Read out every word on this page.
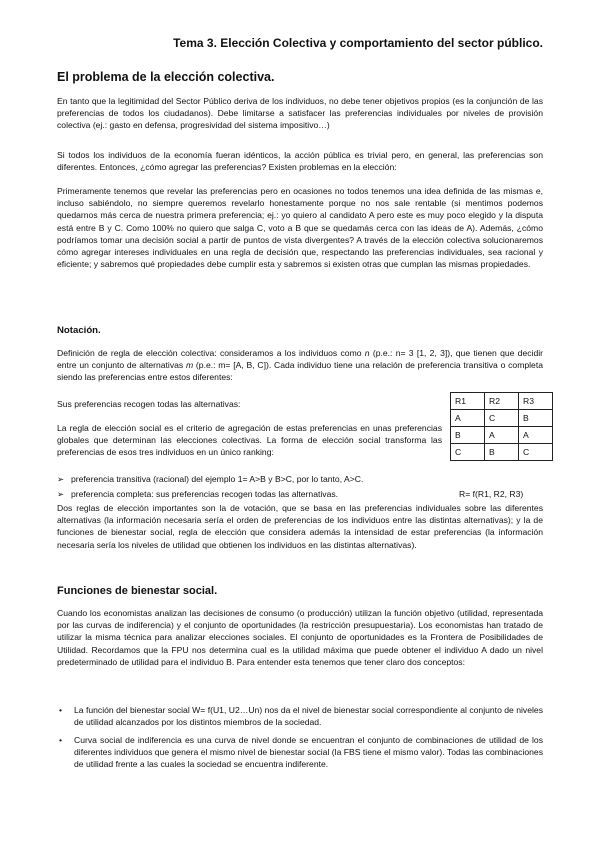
Tema 3. Elección Colectiva y comportamiento del sector público.
El problema de la elección colectiva.
En tanto que la legitimidad del Sector Público deriva de los individuos, no debe tener objetivos propios (es la conjunción de las preferencias de todos los ciudadanos). Debe limitarse a satisfacer las preferencias individuales por niveles de provisión colectiva (ej.: gasto en defensa, progresividad del sistema impositivo…)
Si todos los individuos de la economía fueran idénticos, la acción pública es trivial pero, en general, las preferencias son diferentes. Entonces, ¿cómo agregar las preferencias? Existen problemas en la elección:
Primeramente tenemos que revelar las preferencias pero en ocasiones no todos tenemos una idea definida de las mismas e, incluso sabiéndolo, no siempre queremos revelarlo honestamente porque no nos sale rentable (si mentimos podemos quedarnos más cerca de nuestra primera preferencia; ej.: yo quiero al candidato A pero este es muy poco elegido y la disputa está entre B y C. Como 100% no quiero que salga C, voto a B que se quedamás cerca con las ideas de A). Además, ¿cómo podríamos tomar una decisión social a partir de puntos de vista divergentes? A través de la elección colectiva solucionaremos cómo agregar intereses individuales en una regla de decisión que, respectando las preferencias individuales, sea racional y eficiente; y sabremos qué propiedades debe cumplir esta y sabremos si existen otras que cumplan las mismas propiedades.
Notación.
Definición de regla de elección colectiva: consideramos a los individuos como n (p.e.: n= 3 [1, 2, 3]), que tienen que decidir entre un conjunto de alternativas m (p.e.: m= [A, B, C]). Cada individuo tiene una relación de preferencia transitiva o completa siendo las preferencias entre estos diferentes:
Sus preferencias recogen todas las alternativas:
La regla de elección social es el criterio de agregación de estas preferencias en unas preferencias globales que determinan las elecciones colectivas. La forma de elección social transforma las preferencias de esos tres individuos en un único ranking:
R1	R2	R3
A	C	B
B	A	A
C	B	C
➢ preferencia transitiva (racional) del ejemplo 1= A>B y B>C, por lo tanto, A>C.
➢ preferencia completa: sus preferencias recogen todas las alternativas.	R= f(R1, R2, R3)
Dos reglas de elección importantes son la de votación, que se basa en las preferencias individuales sobre las diferentes alternativas (la información necesaria sería el orden de preferencias de los individuos entre las distintas alternativas); y la de funciones de bienestar social, regla de elección que considera además la intensidad de estar preferencias (la información necesaria sería los niveles de utilidad que obtienen los individuos en las distintas alternativas).
Funciones de bienestar social.
Cuando los economistas analizan las decisiones de consumo (o producción) utilizan la función objetivo (utilidad, representada por las curvas de indiferencia) y el conjunto de oportunidades (la restricción presupuestaria). Los economistas han tratado de utilizar la misma técnica para analizar elecciones sociales. El conjunto de oportunidades es la Frontera de Posibilidades de Utilidad. Recordamos que la FPU nos determina cual es la utilidad máxima que puede obtener el individuo A dado un nivel predeterminado de utilidad para el individuo B. Para entender esta tenemos que tener claro dos conceptos:
• La función del bienestar social W= f(U1, U2…Un) nos da el nivel de bienestar social correspondiente al conjunto de niveles de utilidad alcanzados por los distintos miembros de la sociedad.
• Curva social de indiferencia es una curva de nivel donde se encuentran el conjunto de combinaciones de utilidad de los diferentes individuos que genera el mismo nivel de bienestar social (la FBS tiene el mismo valor). Todas las combinaciones de utilidad frente a las cuales la sociedad se encuentra indiferente.
